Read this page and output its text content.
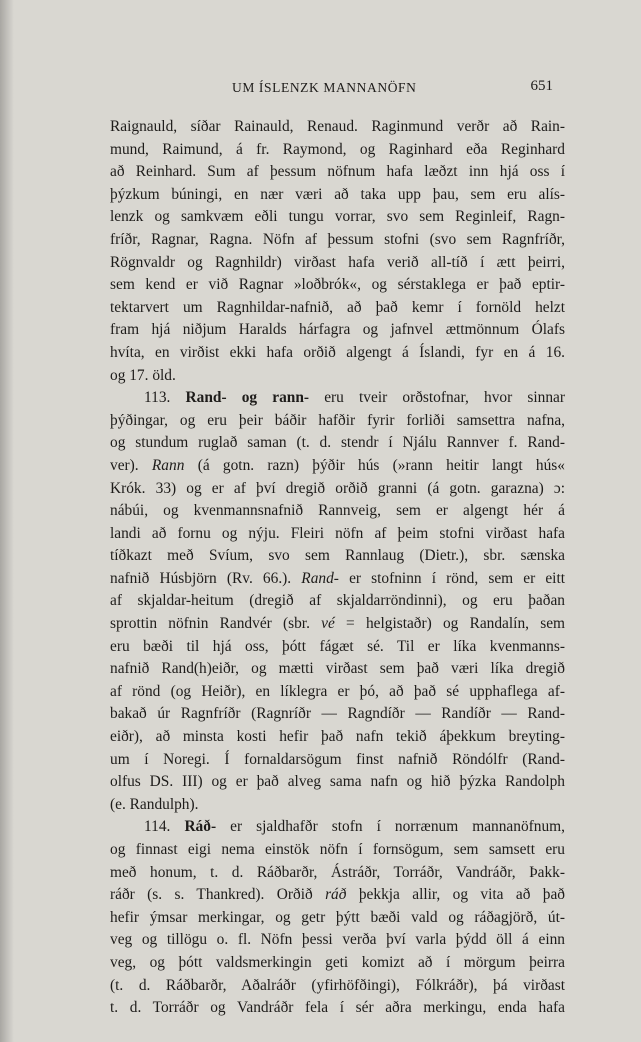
UM ÍSLENZK MANNANÖFN	651
Raignauld, síðar Rainauld, Renaud. Raginmund verðr að Rain-
mund, Raimund, á fr. Raymond, og Raginhard eða Reginhard
að Reinhard. Sum af þessum nöfnum hafa læðzt inn hjá oss í
þýzkum búningi, en nær væri að taka upp þau, sem eru alís-
lenzk og samkvæm eðli tungu vorrar, svo sem Reginleif, Ragn-
fríðr, Ragnar, Ragna. Nöfn af þessum stofni (svo sem Ragnfríðr,
Rögnvaldr og Ragnhildr) virðast hafa verið all-tíð í ætt þeirri,
sem kend er við Ragnar »loðbrók«, og sérstaklega er það eptir-
tektarvert um Ragnhildar-nafnið, að það kemr í fornöld helzt
fram hjá niðjum Haralds hárfagra og jafnvel ættmönnum Ólafs
hvíta, en virðist ekki hafa orðið algengt á Íslandi, fyr en á 16.
og 17. öld.
113. Rand- og rann- eru tveir orðstofnar, hvor sinnar
þýðingar, og eru þeir báðir hafðir fyrir forliði samsettra nafna,
og stundum ruglað saman (t. d. stendr í Njálu Rannver f. Rand-
ver). Rann (á gotn. razn) þýðir hús (»rann heitir langt hús«
Krók. 33) og er af því dregið orðið granni (á gotn. garazna) ɔ:
nábúi, og kvenmannsnafnið Rannveig, sem er algengt hér á
landi að fornu og nýju. Fleiri nöfn af þeim stofni virðast hafa
tíðkazt með Svíum, svo sem Rannlaug (Dietr.), sbr. sænska
nafnið Húsbjörn (Rv. 66.). Rand- er stofninn í rönd, sem er eitt
af skjaldar-heitum (dregið af skjaldarröndinni), og eru þaðan
sprottin nöfnin Randvér (sbr. vé = helgistaðr) og Randalín, sem
eru bæði til hjá oss, þótt fágæt sé. Til er líka kvenmanns-
nafnið Rand(h)eiðr, og mætti virðast sem það væri líka dregið
af rönd (og Heiðr), en líklegra er þó, að það sé upphaflega af-
bakað úr Ragnfríðr (Ragnríðr — Ragndíðr — Randíðr — Rand-
eiðr), að minsta kosti hefir það nafn tekið áþekkum breyting-
um í Noregi. Í fornaldarsögum finst nafnið Röndólfr (Rand-
olfus DS. III) og er það alveg sama nafn og hið þýzka Randolph
(e. Randulph).
114. Ráð- er sjaldhafðr stofn í norrænum mannanöfnum,
og finnast eigi nema einstök nöfn í fornsögum, sem samsett eru
með honum, t. d. Ráðbarðr, Ástráðr, Torráðr, Vandráðr, Þakk-
ráðr (s. s. Thankred). Orðið ráð þekkja allir, og vita að það
hefir ýmsar merkingar, og getr þýtt bæði vald og ráðagjörð, út-
veg og tillögu o. fl. Nöfn þessi verða því varla þýdd öll á einn
veg, og þótt valdsmerkingin geti komizt að í mörgum þeirra
(t. d. Ráðbarðr, Aðalráðr (yfirhöfðingi), Fólkráðr), þá virðast
t. d. Torráðr og Vandráðr fela í sér aðra merkingu, enda hafa
